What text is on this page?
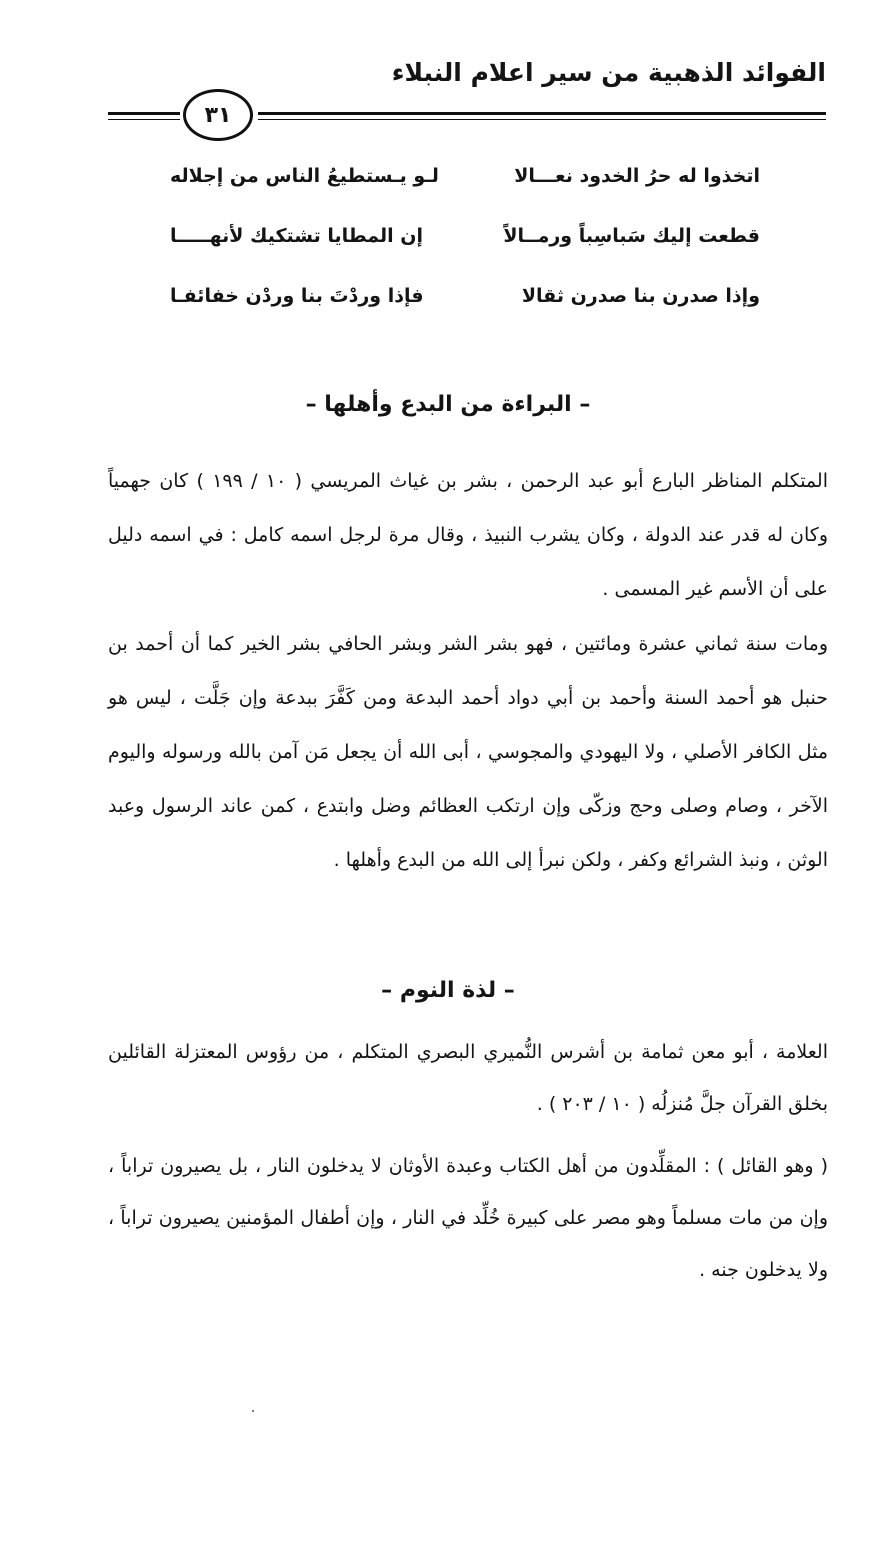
الفوائد الذهبية من سير اعلام النبلاء
٣١
لـو يـستطيعُ الناس من إجلاله	اتخذوا له حرُ الخدود نعـــالا
إن المطايا تشتكيك لأنهـــــا	قطعت إليك سَباسِباً ورمــالاً
فإذا وردْتَ بنا وردْن خفائفـا	وإذا صدرن بنا صدرن ثقالا
– البراءة من البدع وأهلها –

المتكلم المناظر البارع أبو عبد الرحمن ، بشر بن غياث المريسي ( ١٠ / ١٩٩ ) كان جهمياً وكان له قدر عند الدولة ، وكان يشرب النبيذ ، وقال مرة لرجل اسمه كامل : في اسمه دليل على أن الأسم غير المسمى .

ومات سنة ثماني عشرة ومائتين ، فهو بشر الشر وبشر الحافي بشر الخير كما أن أحمد بن حنبل هو أحمد السنة وأحمد بن أبي دواد أحمد البدعة ومن كَفَّرَ ببدعة وإن جَلَّت ، ليس هو مثل الكافر الأصلي ، ولا اليهودي والمجوسي ، أبى الله أن يجعل مَن آمن بالله ورسوله واليوم الآخر ، وصام وصلى وحج وزكّى وإن ارتكب العظائم وضل وابتدع ، كمن عاند الرسول وعبد الوثن ، ونبذ الشرائع وكفر ، ولكن نبرأ إلى الله من البدع وأهلها .

– لذة النوم –

العلامة ، أبو معن ثمامة بن أشرس النُّميري البصري المتكلم ، من رؤوس المعتزلة القائلين بخلق القرآن جلَّ مُنزلُه ( ١٠ / ٢٠٣ ) .

( وهو القائل ) : المقلِّدون من أهل الكتاب وعبدة الأوثان لا يدخلون النار ، بل يصيرون تراباً ، وإن من مات مسلماً وهو مصر على كبيرة خُلِّد في النار ، وإن أطفال المؤمنين يصيرون تراباً ، ولا يدخلون جنه .
